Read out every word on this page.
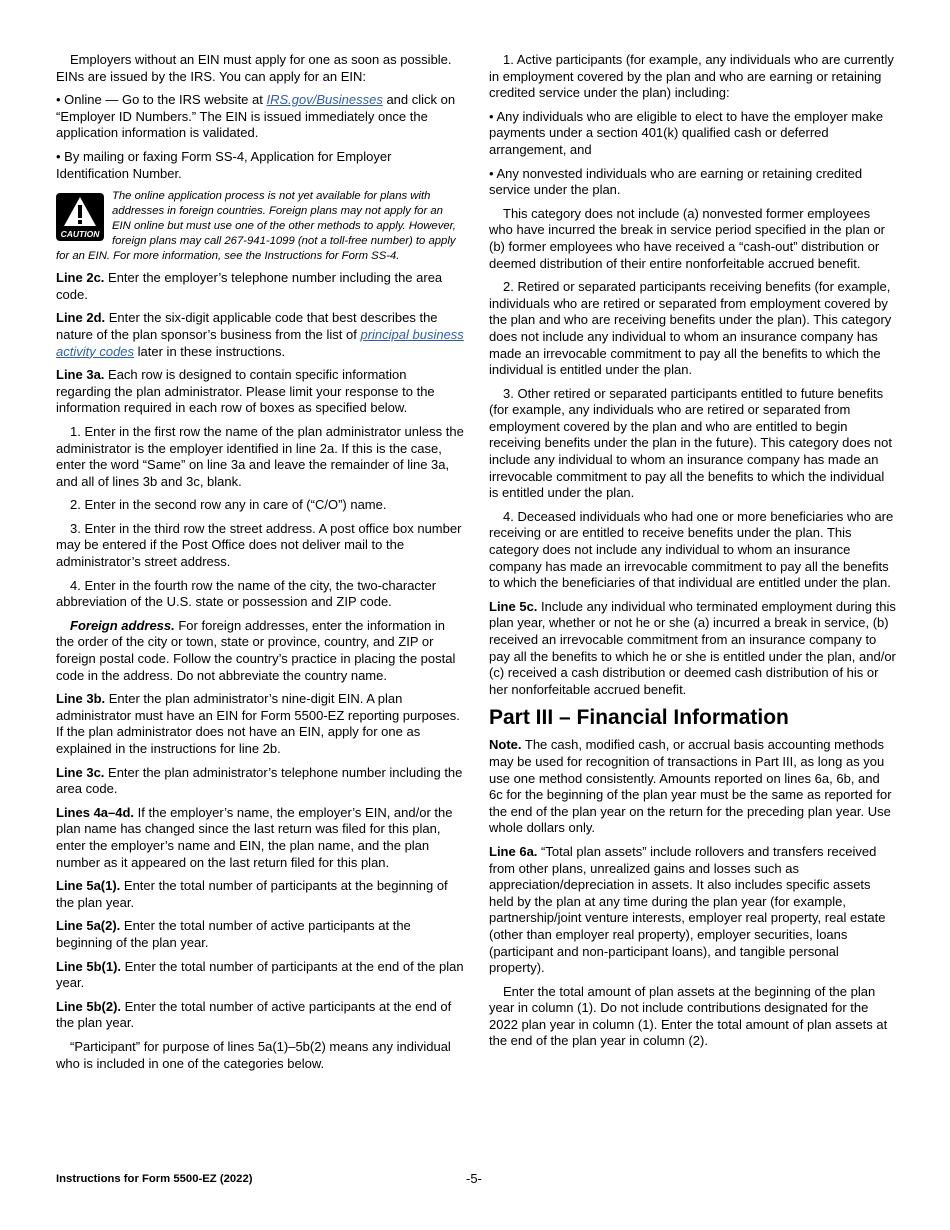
Employers without an EIN must apply for one as soon as possible. EINs are issued by the IRS. You can apply for an EIN:

• Online — Go to the IRS website at IRS.gov/Businesses and click on “Employer ID Numbers.” The EIN is issued immediately once the application information is validated.

• By mailing or faxing Form SS-4, Application for Employer Identification Number.

CAUTION
The online application process is not yet available for plans with addresses in foreign countries. Foreign plans may not apply for an EIN online but must use one of the other methods to apply. However, foreign plans may call 267-941-1099 (not a toll-free number) to apply for an EIN. For more information, see the Instructions for Form SS-4.

Line 2c. Enter the employer’s telephone number including the area code.

Line 2d. Enter the six-digit applicable code that best describes the nature of the plan sponsor’s business from the list of principal business activity codes later in these instructions.

Line 3a. Each row is designed to contain specific information regarding the plan administrator. Please limit your response to the information required in each row of boxes as specified below.

1. Enter in the first row the name of the plan administrator unless the administrator is the employer identified in line 2a. If this is the case, enter the word “Same” on line 3a and leave the remainder of line 3a, and all of lines 3b and 3c, blank.

2. Enter in the second row any in care of (“C/O”) name.

3. Enter in the third row the street address. A post office box number may be entered if the Post Office does not deliver mail to the administrator’s street address.

4. Enter in the fourth row the name of the city, the two-character abbreviation of the U.S. state or possession and ZIP code.

Foreign address. For foreign addresses, enter the information in the order of the city or town, state or province, country, and ZIP or foreign postal code. Follow the country’s practice in placing the postal code in the address. Do not abbreviate the country name.

Line 3b. Enter the plan administrator’s nine-digit EIN. A plan administrator must have an EIN for Form 5500-EZ reporting purposes. If the plan administrator does not have an EIN, apply for one as explained in the instructions for line 2b.

Line 3c. Enter the plan administrator’s telephone number including the area code.

Lines 4a–4d. If the employer’s name, the employer’s EIN, and/or the plan name has changed since the last return was filed for this plan, enter the employer’s name and EIN, the plan name, and the plan number as it appeared on the last return filed for this plan.

Line 5a(1). Enter the total number of participants at the beginning of the plan year.

Line 5a(2). Enter the total number of active participants at the beginning of the plan year.

Line 5b(1). Enter the total number of participants at the end of the plan year.

Line 5b(2). Enter the total number of active participants at the end of the plan year.

“Participant” for purpose of lines 5a(1)–5b(2) means any individual who is included in one of the categories below.

1. Active participants (for example, any individuals who are currently in employment covered by the plan and who are earning or retaining credited service under the plan) including:

• Any individuals who are eligible to elect to have the employer make payments under a section 401(k) qualified cash or deferred arrangement, and

• Any nonvested individuals who are earning or retaining credited service under the plan.

This category does not include (a) nonvested former employees who have incurred the break in service period specified in the plan or (b) former employees who have received a “cash-out” distribution or deemed distribution of their entire nonforfeitable accrued benefit.

2. Retired or separated participants receiving benefits (for example, individuals who are retired or separated from employment covered by the plan and who are receiving benefits under the plan). This category does not include any individual to whom an insurance company has made an irrevocable commitment to pay all the benefits to which the individual is entitled under the plan.

3. Other retired or separated participants entitled to future benefits (for example, any individuals who are retired or separated from employment covered by the plan and who are entitled to begin receiving benefits under the plan in the future). This category does not include any individual to whom an insurance company has made an irrevocable commitment to pay all the benefits to which the individual is entitled under the plan.

4. Deceased individuals who had one or more beneficiaries who are receiving or are entitled to receive benefits under the plan. This category does not include any individual to whom an insurance company has made an irrevocable commitment to pay all the benefits to which the beneficiaries of that individual are entitled under the plan.

Line 5c. Include any individual who terminated employment during this plan year, whether or not he or she (a) incurred a break in service, (b) received an irrevocable commitment from an insurance company to pay all the benefits to which he or she is entitled under the plan, and/or (c) received a cash distribution or deemed cash distribution of his or her nonforfeitable accrued benefit.

Part III – Financial Information

Note. The cash, modified cash, or accrual basis accounting methods may be used for recognition of transactions in Part III, as long as you use one method consistently. Amounts reported on lines 6a, 6b, and 6c for the beginning of the plan year must be the same as reported for the end of the plan year on the return for the preceding plan year. Use whole dollars only.

Line 6a. “Total plan assets” include rollovers and transfers received from other plans, unrealized gains and losses such as appreciation/depreciation in assets. It also includes specific assets held by the plan at any time during the plan year (for example, partnership/joint venture interests, employer real property, real estate (other than employer real property), employer securities, loans (participant and non-participant loans), and tangible personal property).

Enter the total amount of plan assets at the beginning of the plan year in column (1). Do not include contributions designated for the 2022 plan year in column (1). Enter the total amount of plan assets at the end of the plan year in column (2).

Instructions for Form 5500-EZ (2022)	-5-
